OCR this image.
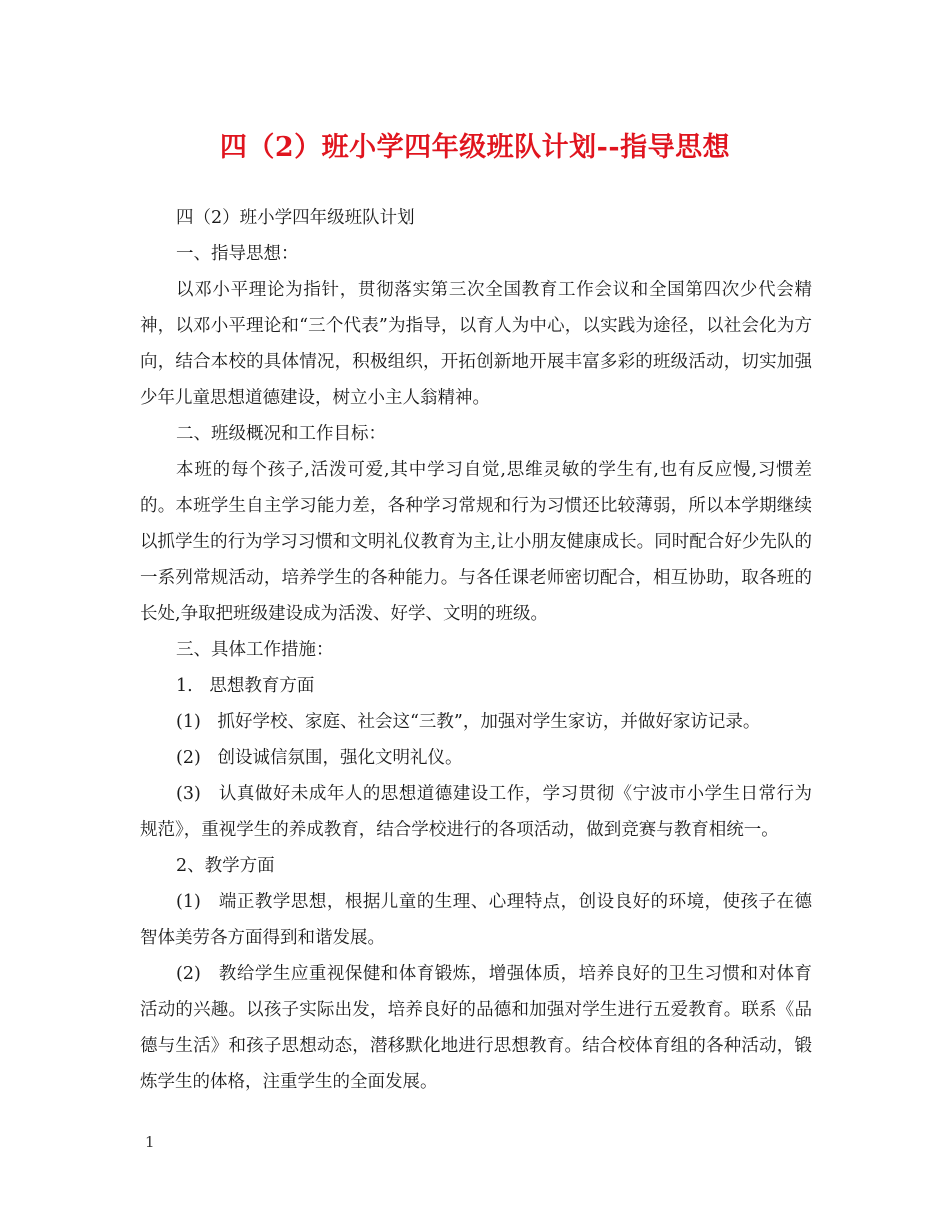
四（2）班小学四年级班队计划--指导思想

四（2）班小学四年级班队计划

一、指导思想：

以邓小平理论为指针，贯彻落实第三次全国教育工作会议和全国第四次少代会精神，以邓小平理论和“三个代表”为指导，以育人为中心，以实践为途径，以社会化为方向，结合本校的具体情况，积极组织，开拓创新地开展丰富多彩的班级活动，切实加强少年儿童思想道德建设，树立小主人翁精神。

二、班级概况和工作目标：

本班的每个孩子,活泼可爱,其中学习自觉,思维灵敏的学生有,也有反应慢,习惯差的。本班学生自主学习能力差，各种学习常规和行为习惯还比较薄弱，所以本学期继续以抓学生的行为学习习惯和文明礼仪教育为主,让小朋友健康成长。同时配合好少先队的一系列常规活动，培养学生的各种能力。与各任课老师密切配合，相互协助，取各班的长处,争取把班级建设成为活泼、好学、文明的班级。

三、具体工作措施：

1.   思想教育方面

(1)   抓好学校、家庭、社会这“三教”，加强对学生家访，并做好家访记录。

(2)   创设诚信氛围，强化文明礼仪。

(3)   认真做好未成年人的思想道德建设工作，学习贯彻《宁波市小学生日常行为规范》，重视学生的养成教育，结合学校进行的各项活动，做到竞赛与教育相统一。

2、教学方面

(1)   端正教学思想，根据儿童的生理、心理特点，创设良好的环境，使孩子在德智体美劳各方面得到和谐发展。

(2)   教给学生应重视保健和体育锻炼，增强体质，培养良好的卫生习惯和对体育活动的兴趣。以孩子实际出发，培养良好的品德和加强对学生进行五爱教育。联系《品德与生活》和孩子思想动态，潜移默化地进行思想教育。结合校体育组的各种活动，锻炼学生的体格，注重学生的全面发展。

1
